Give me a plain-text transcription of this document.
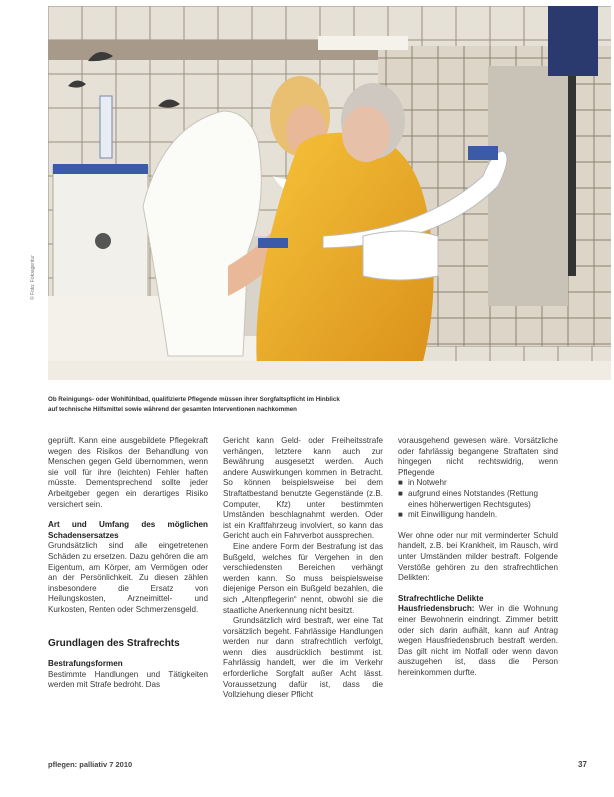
© Foto: Fotoagentur
Ob Reinigungs- oder Wohlfühlbad, qualifizierte Pflegende müssen ihrer Sorgfaltspflicht im Hinblick
auf technische Hilfsmittel sowie während der gesamten Interventionen nachkommen

geprüft. Kann eine ausgebildete Pflegekraft wegen des Risikos der Behandlung von Menschen gegen Geld übernommen, wenn sie voll für ihre (leichten) Fehler haften müsste. Dementsprechend sollte jeder Arbeitgeber gegen ein derartiges Risiko versichert sein.

Art und Umfang des möglichen Schadensersatzes

Grundsätzlich sind alle eingetretenen Schäden zu ersetzen. Dazu gehören die am Eigentum, am Körper, am Vermögen oder an der Persönlichkeit. Zu diesen zählen insbesondere die Ersatz von Heilungskosten, Arzneimittel- und Kurkosten, Renten oder Schmerzensgeld.

Grundlagen des Strafrechts

Bestrafungsformen

Bestimmte Handlungen und Tätigkeiten werden mit Strafe bedroht. Das

Gericht kann Geld- oder Freiheitsstrafe verhängen, letztere kann auch zur Bewährung ausgesetzt werden. Auch andere Auswirkungen kommen in Betracht. So können beispielsweise bei dem Straftatbestand benutzte Gegenstände (z.B. Computer, Kfz) unter bestimmten Umständen beschlagnahmt werden. Oder ist ein Kraftfahrzeug involviert, so kann das Gericht auch ein Fahrverbot aussprechen.

Eine andere Form der Bestrafung ist das Bußgeld, welches für Vergehen in den verschiedensten Bereichen verhängt werden kann. So muss beispielsweise diejenige Person ein Bußgeld bezahlen, die sich „Altenpflegerin“ nennt, obwohl sie die staatliche Anerkennung nicht besitzt.

Grundsätzlich wird bestraft, wer eine Tat vorsätzlich begeht. Fahrlässige Handlungen werden nur dann strafrechtlich verfolgt, wenn dies ausdrücklich bestimmt ist. Fahrlässig handelt, wer die im Verkehr erforderliche Sorgfalt außer Acht lässt. Voraussetzung dafür ist, dass die Vollziehung dieser Pflicht

vorausgehend gewesen wäre. Vorsätzliche oder fahrlässig begangene Straftaten sind hingegen nicht rechtswidrig, wenn Pflegende

■ in Notwehr
■ aufgrund eines Notstandes (Rettung eines höherwertigen Rechtsgutes)
■ mit Einwilligung handeln.

Wer ohne oder nur mit verminderter Schuld handelt, z.B. bei Krankheit, im Rausch, wird unter Umständen milder bestraft. Folgende Verstöße gehören zu den strafrechtlichen Delikten:

Strafrechtliche Delikte

Hausfriedensbruch: Wer in die Wohnung einer Bewohnerin eindringt. Zimmer betritt oder sich darin aufhält, kann auf Antrag wegen Hausfriedensbruch bestraft werden. Das gilt nicht im Notfall oder wenn davon auszugehen ist, dass die Person hereinkommen durfte.

pflegen: palliativ 7 2010	37
